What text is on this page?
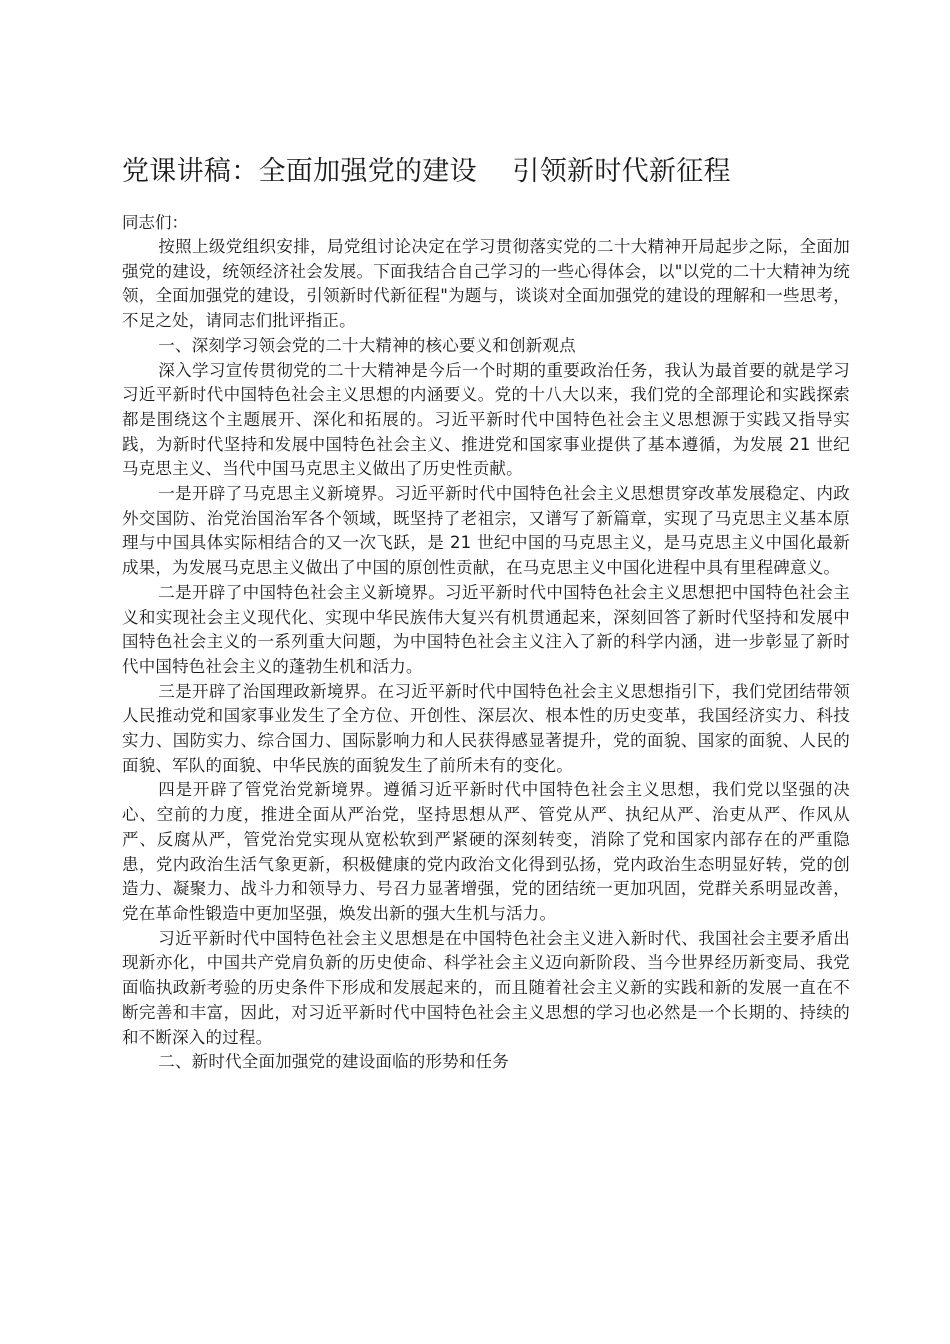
党课讲稿：全面加强党的建设    引领新时代新征程
同志们：

按照上级党组织安排，局党组讨论决定在学习贯彻落实党的二十大精神开局起步之际，全面加强党的建设，统领经济社会发展。下面我结合自己学习的一些心得体会，以"以党的二十大精神为统领，全面加强党的建设，引领新时代新征程"为题与，谈谈对全面加强党的建设的理解和一些思考，不足之处，请同志们批评指正。

一、深刻学习领会党的二十大精神的核心要义和创新观点

深入学习宣传贯彻党的二十大精神是今后一个时期的重要政治任务，我认为最首要的就是学习习近平新时代中国特色社会主义思想的内涵要义。党的十八大以来，我们党的全部理论和实践探索都是围绕这个主题展开、深化和拓展的。习近平新时代中国特色社会主义思想源于实践又指导实践，为新时代坚持和发展中国特色社会主义、推进党和国家事业提供了基本遵循，为发展 21 世纪马克思主义、当代中国马克思主义做出了历史性贡献。

一是开辟了马克思主义新境界。习近平新时代中国特色社会主义思想贯穿改革发展稳定、内政外交国防、治党治国治军各个领域，既坚持了老祖宗，又谱写了新篇章，实现了马克思主义基本原理与中国具体实际相结合的又一次飞跃，是 21 世纪中国的马克思主义，是马克思主义中国化最新成果，为发展马克思主义做出了中国的原创性贡献，在马克思主义中国化进程中具有里程碑意义。

二是开辟了中国特色社会主义新境界。习近平新时代中国特色社会主义思想把中国特色社会主义和实现社会主义现代化、实现中华民族伟大复兴有机贯通起来，深刻回答了新时代坚持和发展中国特色社会主义的一系列重大问题，为中国特色社会主义注入了新的科学内涵，进一步彰显了新时代中国特色社会主义的蓬勃生机和活力。

三是开辟了治国理政新境界。在习近平新时代中国特色社会主义思想指引下，我们党团结带领人民推动党和国家事业发生了全方位、开创性、深层次、根本性的历史变革，我国经济实力、科技实力、国防实力、综合国力、国际影响力和人民获得感显著提升，党的面貌、国家的面貌、人民的面貌、军队的面貌、中华民族的面貌发生了前所未有的变化。

四是开辟了管党治党新境界。遵循习近平新时代中国特色社会主义思想，我们党以坚强的决心、空前的力度，推进全面从严治党，坚持思想从严、管党从严、执纪从严、治吏从严、作风从严、反腐从严，管党治党实现从宽松软到严紧硬的深刻转变，消除了党和国家内部存在的严重隐患，党内政治生活气象更新，积极健康的党内政治文化得到弘扬，党内政治生态明显好转，党的创造力、凝聚力、战斗力和领导力、号召力显著增强，党的团结统一更加巩固，党群关系明显改善，党在革命性锻造中更加坚强，焕发出新的强大生机与活力。

习近平新时代中国特色社会主义思想是在中国特色社会主义进入新时代、我国社会主要矛盾出现新亦化，中国共产党肩负新的历史使命、科学社会主义迈向新阶段、当今世界经历新变局、我党面临执政新考验的历史条件下形成和发展起来的，而且随着社会主义新的实践和新的发展一直在不断完善和丰富，因此，对习近平新时代中国特色社会主义思想的学习也必然是一个长期的、持续的和不断深入的过程。

二、新时代全面加强党的建设面临的形势和任务
